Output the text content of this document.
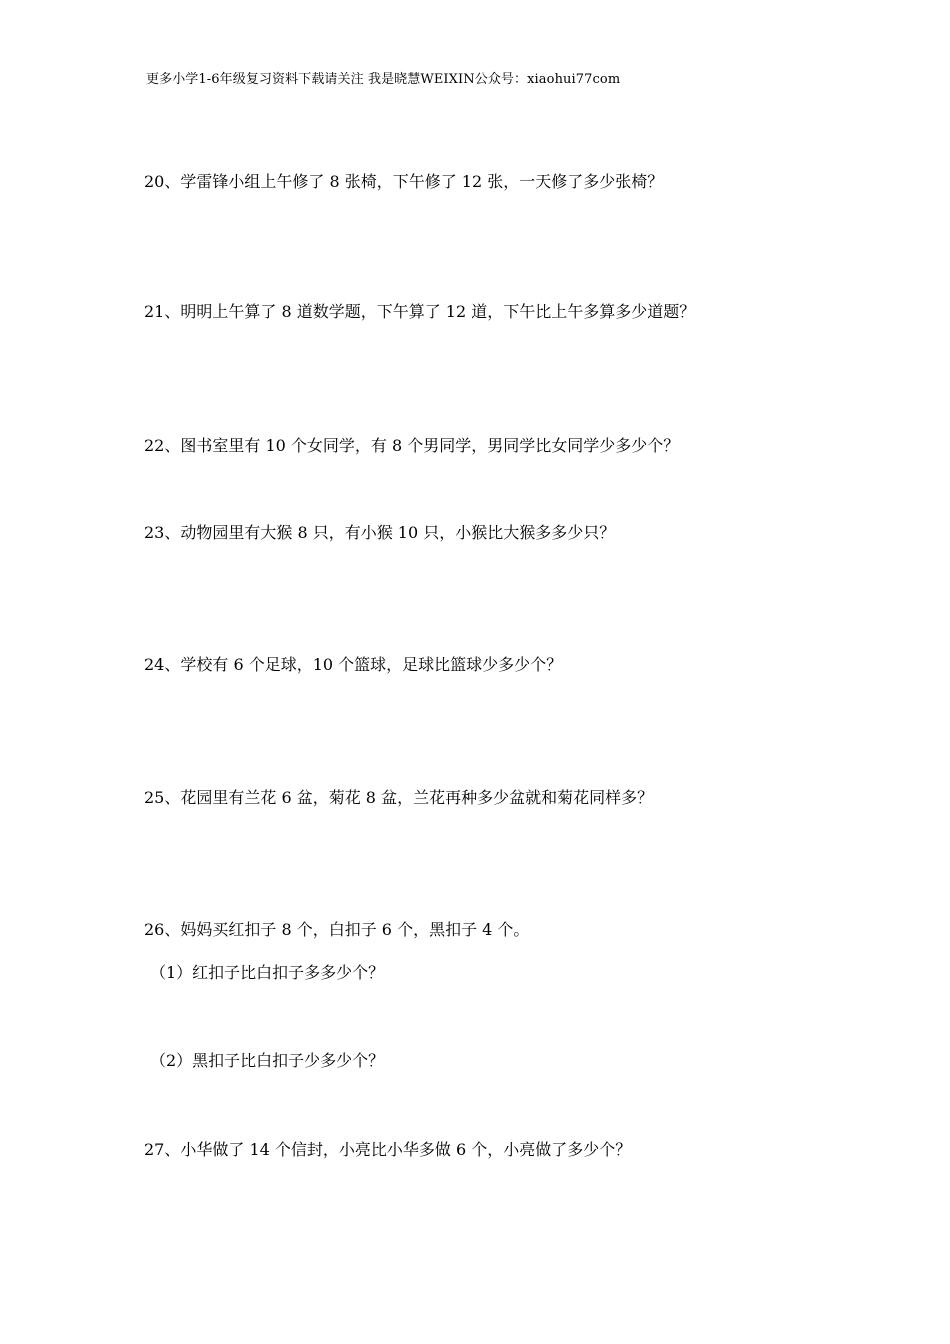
更多小学1-6年级复习资料下载请关注 我是晓慧WEIXIN公众号：xiaohui77com
20、学雷锋小组上午修了 8 张椅，下午修了 12 张，一天修了多少张椅？
21、明明上午算了 8 道数学题，下午算了 12 道，下午比上午多算多少道题？
22、图书室里有 10 个女同学，有 8 个男同学，男同学比女同学少多少个？
23、动物园里有大猴 8 只，有小猴 10 只，小猴比大猴多多少只？
24、学校有 6 个足球，10 个篮球，足球比篮球少多少个？
25、花园里有兰花 6 盆，菊花 8 盆，兰花再种多少盆就和菊花同样多？
26、妈妈买红扣子 8 个，白扣子 6 个，黑扣子 4 个。
（1）红扣子比白扣子多多少个？
（2）黑扣子比白扣子少多少个？
27、小华做了 14 个信封，小亮比小华多做 6 个，小亮做了多少个？
